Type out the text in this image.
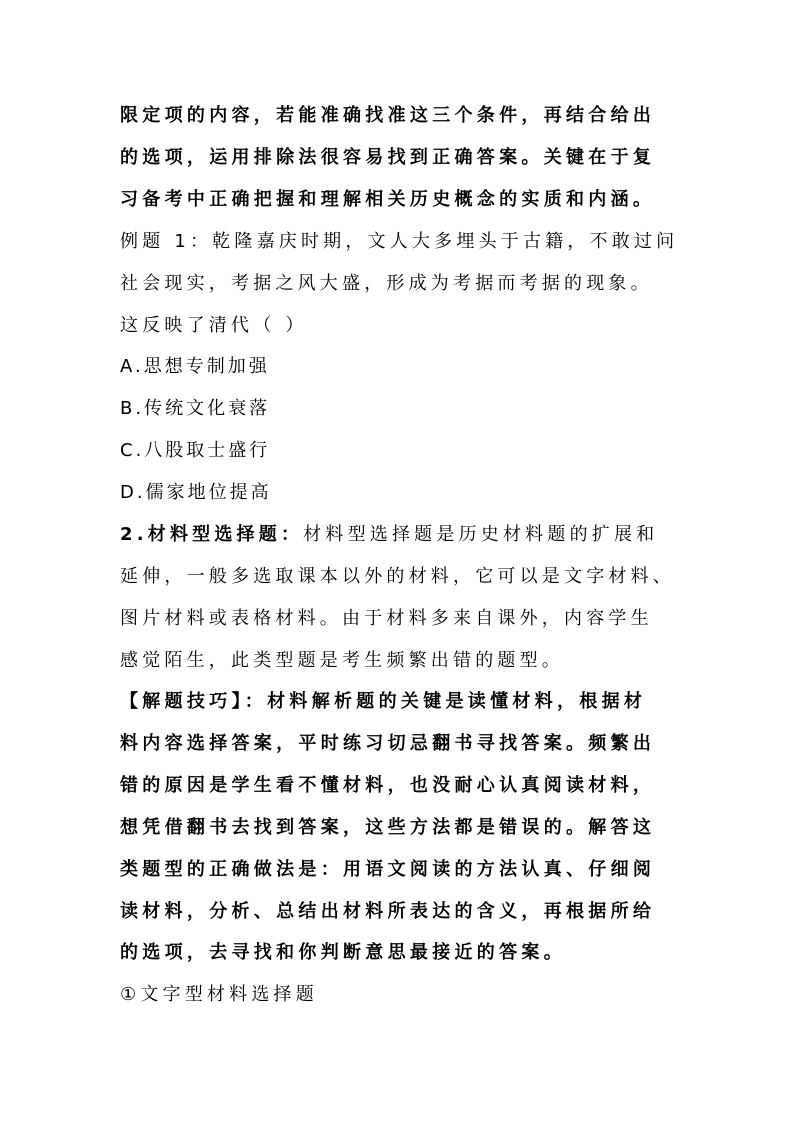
限定项的内容，若能准确找准这三个条件，再结合给出
的选项，运用排除法很容易找到正确答案。关键在于复
习备考中正确把握和理解相关历史概念的实质和内涵。
例题 1：乾隆嘉庆时期，文人大多埋头于古籍，不敢过问
社会现实，考据之风大盛，形成为考据而考据的现象。
这反映了清代（ ）
A.思想专制加强
B.传统文化衰落
C.八股取士盛行
D.儒家地位提高
2.材料型选择题：材料型选择题是历史材料题的扩展和
延伸，一般多选取课本以外的材料，它可以是文字材料、
图片材料或表格材料。由于材料多来自课外，内容学生
感觉陌生，此类型题是考生频繁出错的题型。
【解题技巧】：材料解析题的关键是读懂材料，根据材
料内容选择答案，平时练习切忌翻书寻找答案。频繁出
错的原因是学生看不懂材料，也没耐心认真阅读材料，
想凭借翻书去找到答案，这些方法都是错误的。解答这
类题型的正确做法是：用语文阅读的方法认真、仔细阅
读材料，分析、总结出材料所表达的含义，再根据所给
的选项，去寻找和你判断意思最接近的答案。
①文字型材料选择题
